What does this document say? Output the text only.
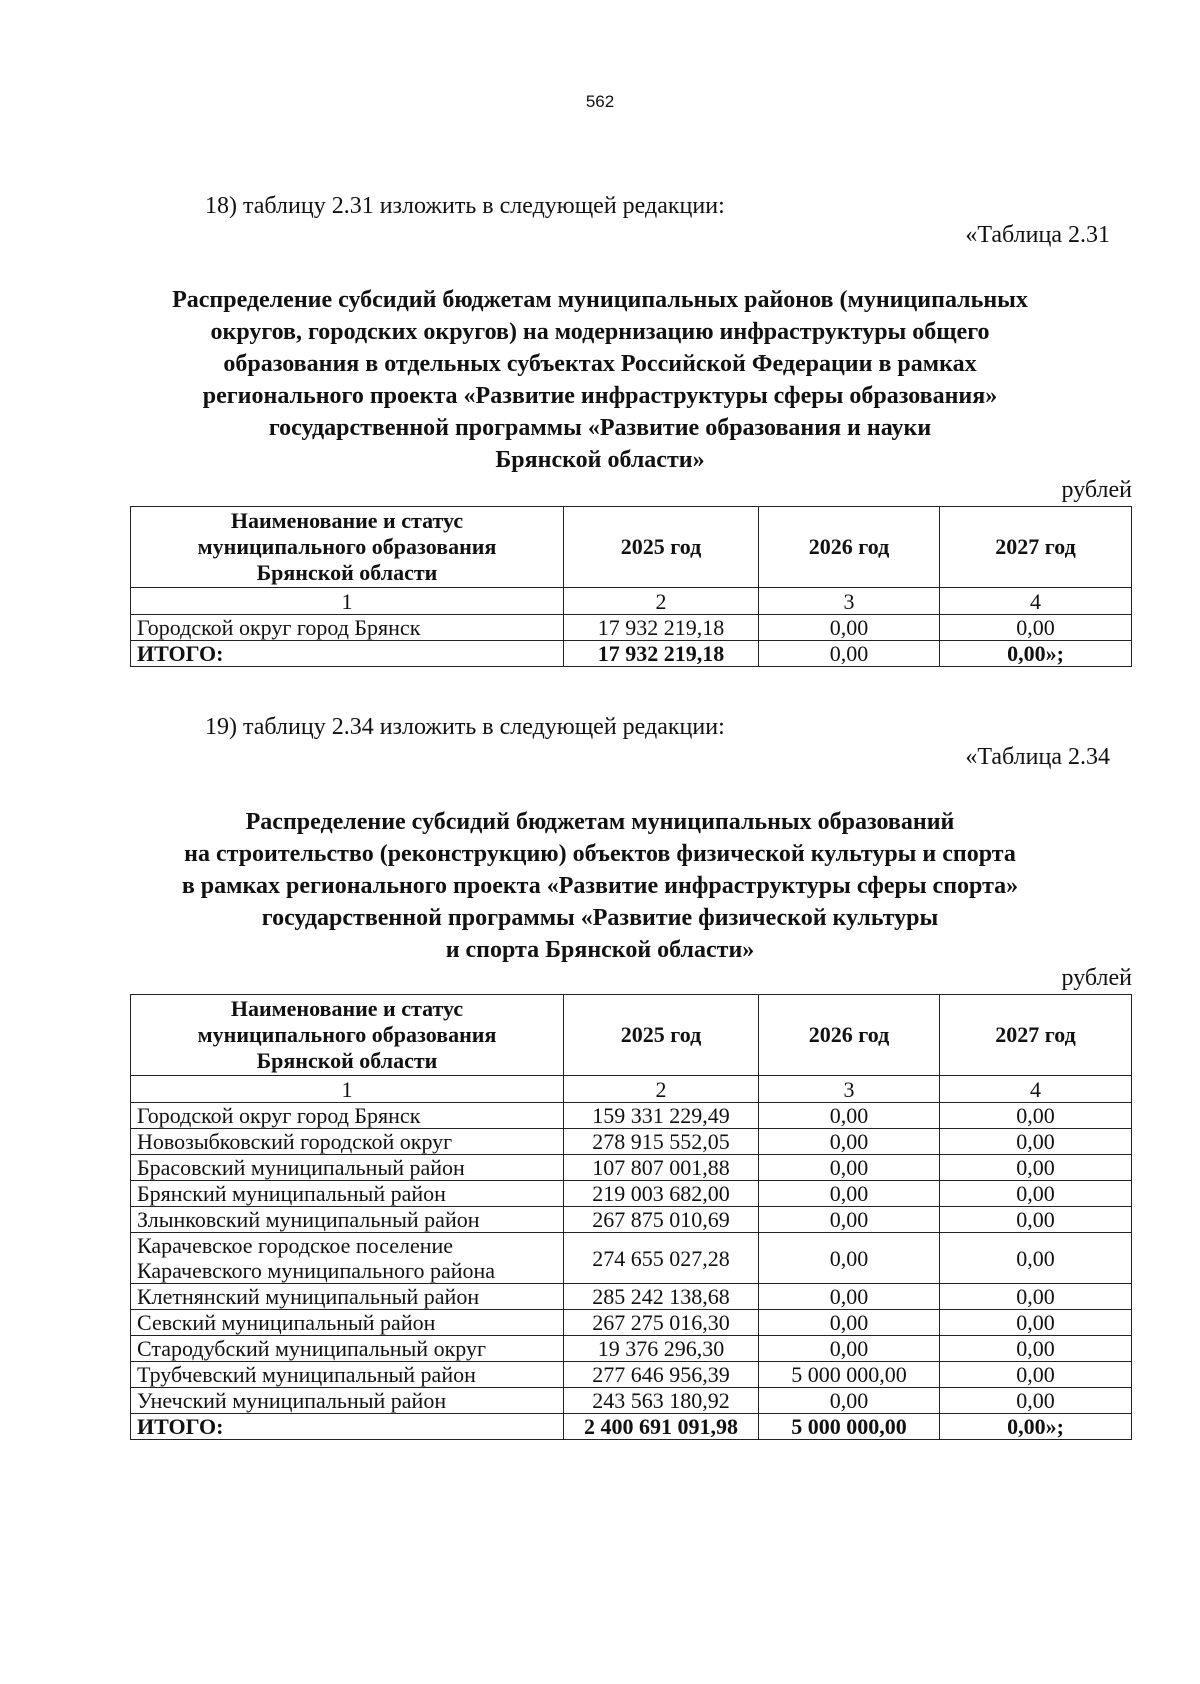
562
18) таблицу 2.31 изложить в следующей редакции:
«Таблица 2.31
Распределение субсидий бюджетам муниципальных районов (муниципальных
округов, городских округов) на модернизацию инфраструктуры общего
образования в отдельных субъектах Российской Федерации в рамках
регионального проекта «Развитие инфраструктуры сферы образования»
государственной программы «Развитие образования и науки
Брянской области»
рублей
Наименование и статус
муниципального образования
Брянской области	2025 год	2026 год	2027 год
1	2	3	4
Городской округ город Брянск	17 932 219,18	0,00	0,00
ИТОГО:	17 932 219,18	0,00	0,00»;
19) таблицу 2.34 изложить в следующей редакции:
«Таблица 2.34
Распределение субсидий бюджетам муниципальных образований
на строительство (реконструкцию) объектов физической культуры и спорта
в рамках регионального проекта «Развитие инфраструктуры сферы спорта»
государственной программы «Развитие физической культуры
и спорта Брянской области»
рублей
Наименование и статус
муниципального образования
Брянской области	2025 год	2026 год	2027 год
1	2	3	4
Городской округ город Брянск	159 331 229,49	0,00	0,00
Новозыбковский городской округ	278 915 552,05	0,00	0,00
Брасовский муниципальный район	107 807 001,88	0,00	0,00
Брянский муниципальный район	219 003 682,00	0,00	0,00
Злынковский муниципальный район	267 875 010,69	0,00	0,00

Карачевское городское поселение
Карачевского муниципального района	274 655 027,28	0,00	0,00
Клетнянский муниципальный район	285 242 138,68	0,00	0,00
Севский муниципальный район	267 275 016,30	0,00	0,00
Стародубский муниципальный округ	19 376 296,30	0,00	0,00
Трубчевский муниципальный район	277 646 956,39	5 000 000,00	0,00
Унечский муниципальный район	243 563 180,92	0,00	0,00
ИТОГО:	2 400 691 091,98	5 000 000,00	0,00»;
